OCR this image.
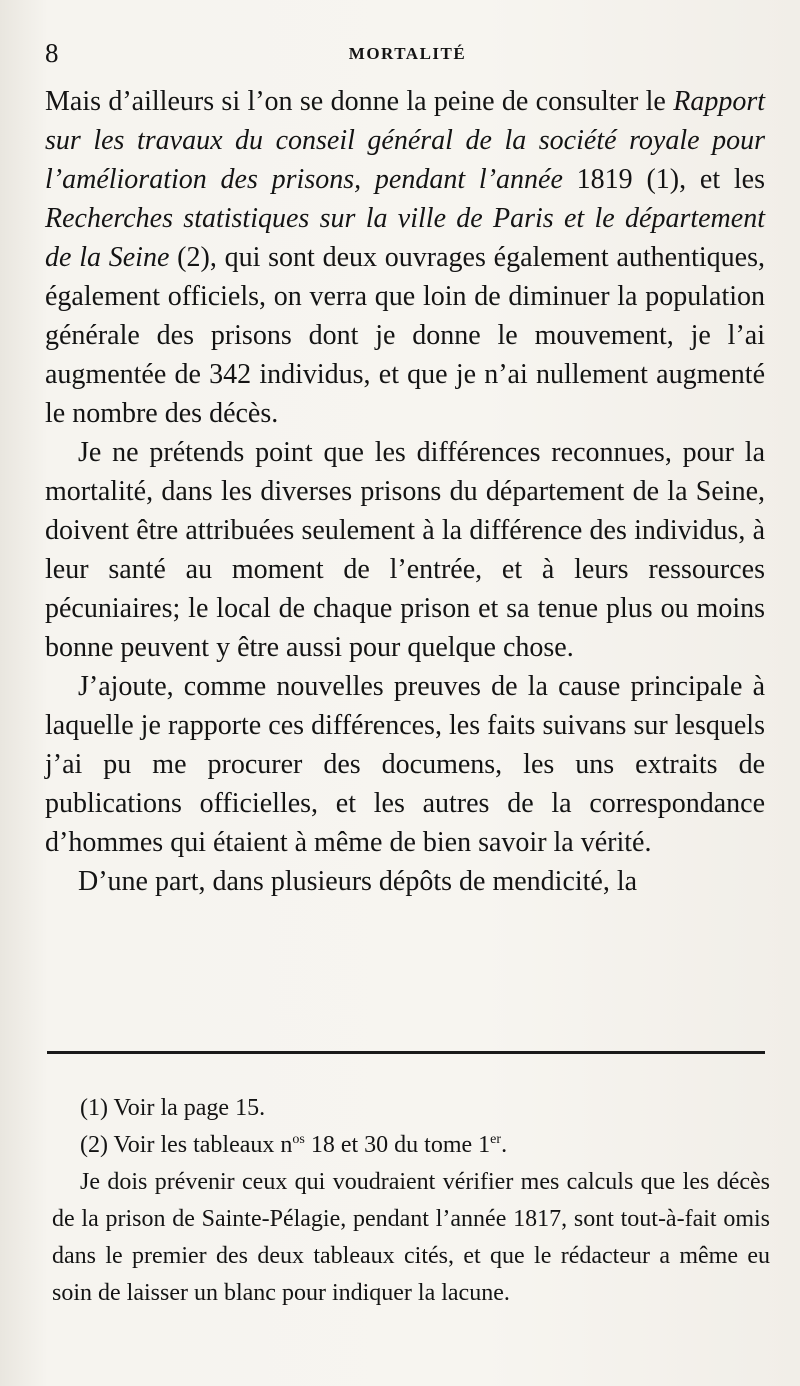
8	MORTALITÉ

Mais d’ailleurs si l’on se donne la peine de consulter le Rapport sur les travaux du conseil général de la société royale pour l’amélioration des prisons, pendant l’année 1819 (1), et les Recherches statistiques sur la ville de Paris et le département de la Seine (2), qui sont deux ouvrages également authentiques, également officiels, on verra que loin de diminuer la population générale des prisons dont je donne le mouvement, je l’ai augmentée de 342 individus, et que je n’ai nullement augmenté le nombre des décès.

Je ne prétends point que les différences reconnues, pour la mortalité, dans les diverses prisons du département de la Seine, doivent être attribuées seulement à la différence des individus, à leur santé au moment de l’entrée, et à leurs ressources pécuniaires; le local de chaque prison et sa tenue plus ou moins bonne peuvent y être aussi pour quelque chose.

J’ajoute, comme nouvelles preuves de la cause principale à laquelle je rapporte ces différences, les faits suivans sur lesquels j’ai pu me procurer des documens, les uns extraits de publications officielles, et les autres de la correspondance d’hommes qui étaient à même de bien savoir la vérité.

D’une part, dans plusieurs dépôts de mendicité, la

(1) Voir la page 15.

(2) Voir les tableaux $n^{os}$ 18 et 30 du tome 1er.

Je dois prévenir ceux qui voudraient vérifier mes calculs que les décès de la prison de Sainte-Pélagie, pendant l’année 1817, sont tout-à-fait omis dans le premier des deux tableaux cités, et que le rédacteur a même eu soin de laisser un blanc pour indiquer la lacune.
